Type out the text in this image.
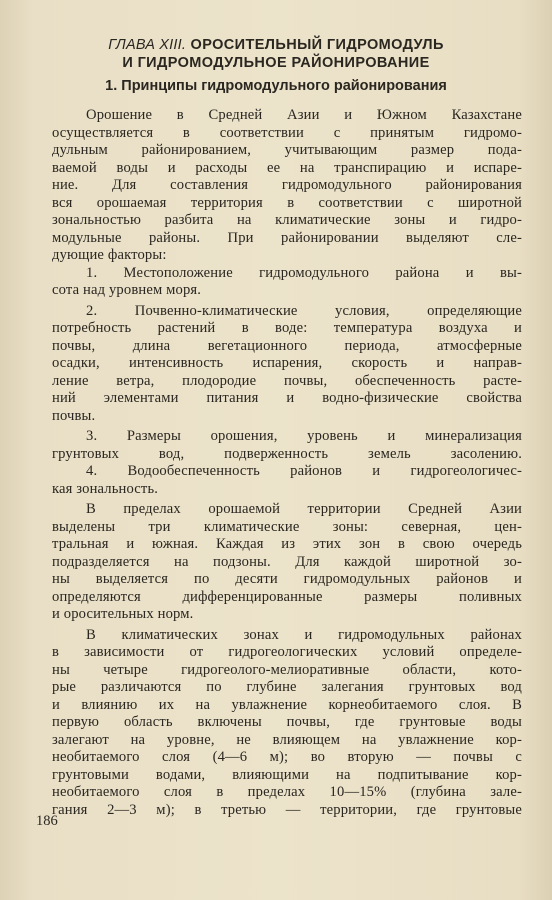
ГЛАВА XIII. ОРОСИТЕЛЬНЫЙ ГИДРОМОДУЛЬ
И ГИДРОМОДУЛЬНОЕ РАЙОНИРОВАНИЕ
1. Принципы гидромодульного районирования
Орошение в Средней Азии и Южном Казахстане
осуществляется в соответствии с принятым гидромо-
дульным районированием, учитывающим размер пода-
ваемой воды и расходы ее на транспирацию и испаре-
ние. Для составления гидромодульного районирования
вся орошаемая территория в соответствии с широтной
зональностью разбита на климатические зоны и гидро-
модульные районы. При районировании выделяют сле-
дующие факторы:
1. Местоположение гидромодульного района и вы-
сота над уровнем моря.
2. Почвенно-климатические условия, определяющие
потребность растений в воде: температура воздуха и
почвы, длина вегетационного периода, атмосферные
осадки, интенсивность испарения, скорость и направ-
ление ветра, плодородие почвы, обеспеченность расте-
ний элементами питания и водно-физические свойства
почвы.
3. Размеры орошения, уровень и минерализация
грунтовых вод, подверженность земель засолению.
4. Водообеспеченность районов и гидрогеологичес-
кая зональность.
В пределах орошаемой территории Средней Азии
выделены три климатические зоны: северная, цен-
тральная и южная. Каждая из этих зон в свою очередь
подразделяется на подзоны. Для каждой широтной зо-
ны выделяется по десяти гидромодульных районов и
определяются дифференцированные размеры поливных
и оросительных норм.
В климатических зонах и гидромодульных районах
в зависимости от гидрогеологических условий определе-
ны четыре гидрогеолого-мелиоративные области, кото-
рые различаются по глубине залегания грунтовых вод
и влиянию их на увлажнение корнеобитаемого слоя. В
первую область включены почвы, где грунтовые воды
залегают на уровне, не влияющем на увлажнение кор-
необитаемого слоя (4—6 м); во вторую — почвы с
грунтовыми водами, влияющими на подпитывание кор-
необитаемого слоя в пределах 10—15% (глубина зале-
гания 2—3 м); в третью — территории, где грунтовые
186
